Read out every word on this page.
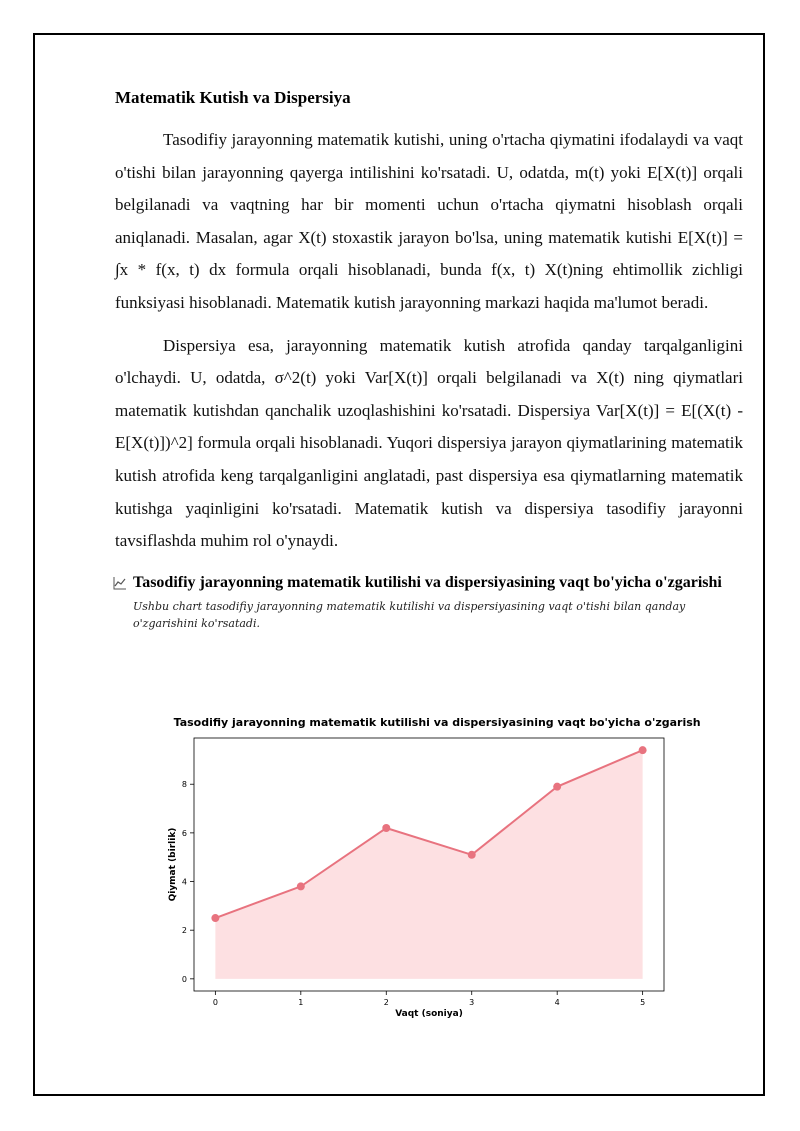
Matematik Kutish va Dispersiya

Tasodifiy jarayonning matematik kutishi, uning o'rtacha qiymatini ifodalaydi va vaqt o'tishi bilan jarayonning qayerga intilishini ko'rsatadi. U, odatda, m(t) yoki E[X(t)] orqali belgilanadi va vaqtning har bir momenti uchun o'rtacha qiymatni hisoblash orqali aniqlanadi. Masalan, agar X(t) stoxastik jarayon bo'lsa, uning matematik kutishi E[X(t)] = ∫x * f(x, t) dx formula orqali hisoblanadi, bunda f(x, t) X(t)ning ehtimollik zichligi funksiyasi hisoblanadi. Matematik kutish jarayonning markazi haqida ma'lumot beradi.

Dispersiya esa, jarayonning matematik kutish atrofida qanday tarqalganligini o'lchaydi. U, odatda, σ^2(t) yoki Var[X(t)] orqali belgilanadi va X(t) ning qiymatlari matematik kutishdan qanchalik uzoqlashishini ko'rsatadi. Dispersiya Var[X(t)] = E[(X(t) - E[X(t)])^2] formula orqali hisoblanadi. Yuqori dispersiya jarayon qiymatlarining matematik kutish atrofida keng tarqalganligini anglatadi, past dispersiya esa qiymatlarning matematik kutishga yaqinligini ko'rsatadi. Matematik kutish va dispersiya tasodifiy jarayonni tavsiflashda muhim rol o'ynaydi.

Tasodifiy jarayonning matematik kutilishi va dispersiyasining vaqt bo'yicha o'zgarishi
Ushbu chart tasodifiy jarayonning matematik kutilishi va dispersiyasining vaqt o'tishi bilan qanday o'zgarishini ko'rsatadi.
Tasodifiy jarayonning matematik kutilishi va dispersiyasining vaqt bo'yicha o'zgarishi
0	1	2	3	4	5
0
2
4
6
8
Vaqt (soniya)
Qiymat (birlik)
